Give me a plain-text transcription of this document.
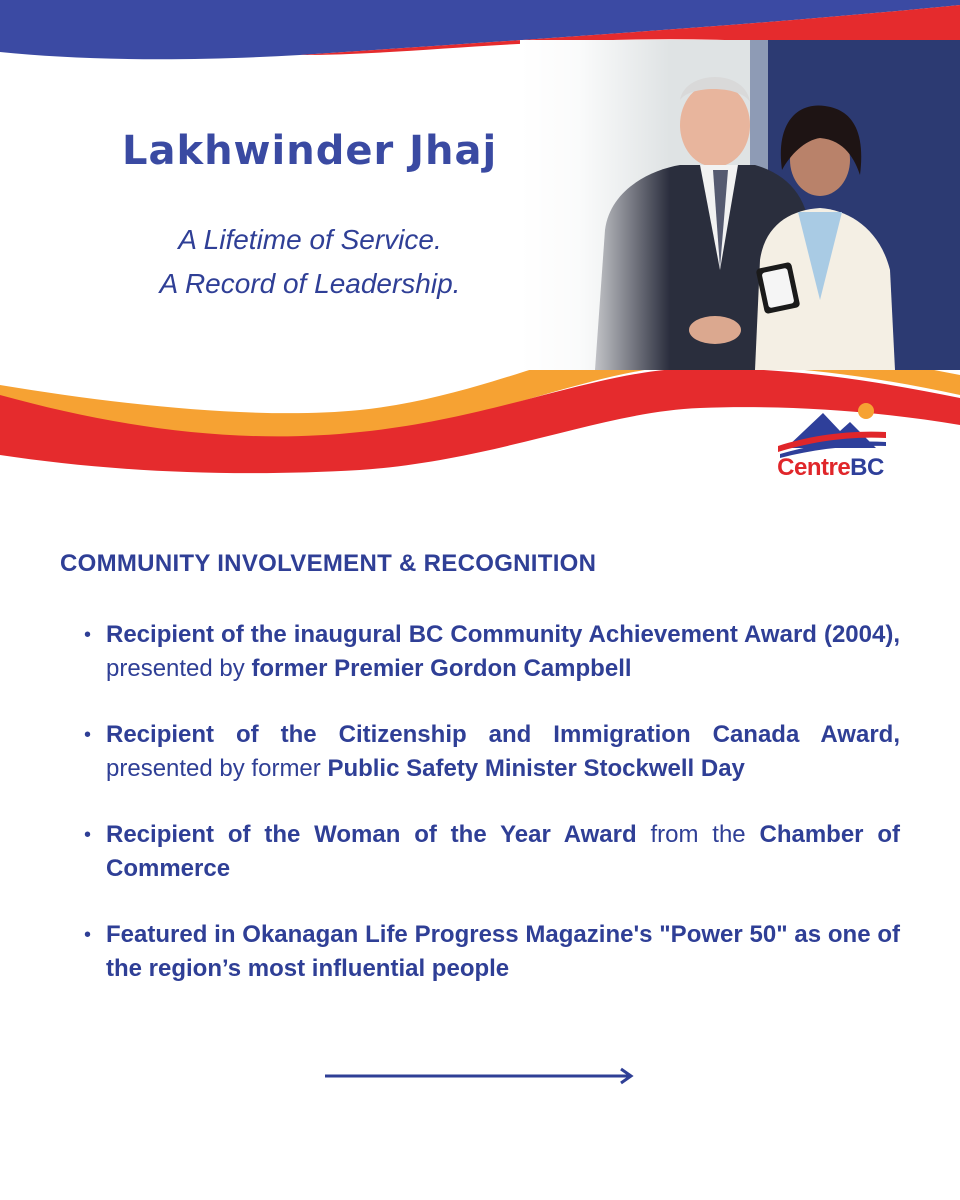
Lakhwinder Jhaj

A Lifetime of Service.
A Record of Leadership.

CentreBC
COMMUNITY INVOLVEMENT & RECOGNITION
• Recipient of the inaugural BC Community Achievement Award (2004), presented by former Premier Gordon Campbell
• Recipient of the Citizenship and Immigration Canada Award, presented by former Public Safety Minister Stockwell Day
• Recipient of the Woman of the Year Award from the Chamber of Commerce
• Featured in Okanagan Life Progress Magazine's "Power 50" as one of the region’s most influential people
